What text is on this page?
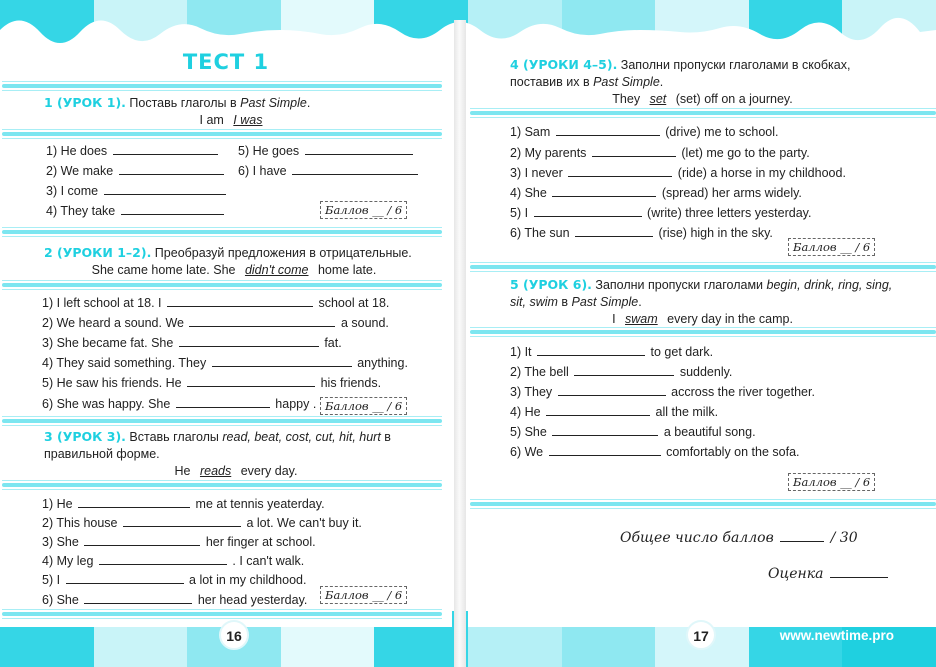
ТЕСТ 1
1 (УРОК 1). Поставь глаголы в Past Simple.
I am I was
1) He does
2) We make
3) I come
4) They take
5) He goes
6) I have
Баллов __ / 6
2 (УРОКИ 1–2). Преобразуй предложения в отрицательные.
She came home late. She didn't come home late.
1) I left school at 18. I	school at 18.
2) We heard a sound. We	a sound.
3) She became fat. She	fat.
4) They said something. They	anything.
5) He saw his friends. He	his friends.
6) She was happy. She	happy . Баллов __ / 6
3 (УРОК 3). Вставь глаголы read, beat, cost, cut, hit, hurt в правильной форме.
He reads every day.
1) He	me at tennis yeaterday.
2) This house	a lot. We can't buy it.
3) She	her finger at school.
4) My leg	. I can't walk.
5) I	a lot in my childhood.
6) She	her head yesterday.	Баллов __ / 6
16
4 (УРОКИ 4–5). Заполни пропуски глаголами в скобках, поставив их в Past Simple.
They set (set) off on a journey.
1) Sam	(drive) me to school.
2) My parents	(let) me go to the party.
3) I never	(ride) a horse in my childhood.
4) She	(spread) her arms widely.
5) I	(write) three letters yesterday.
6) The sun	(rise) high in the sky.
Баллов __ / 6
5 (УРОК 6). Заполни пропуски глаголами begin, drink, ring, sing, sit, swim в Past Simple.
I swam every day in the camp.
1) It	to get dark.
2) The bell	suddenly.
3) They	accross the river together.
4) He	all the milk.
5) She	a beautiful song.
6) We	comfortably on the sofa.
Баллов __ / 6
Общее число баллов	/ 30
Оценка
17	www.newtime.pro
